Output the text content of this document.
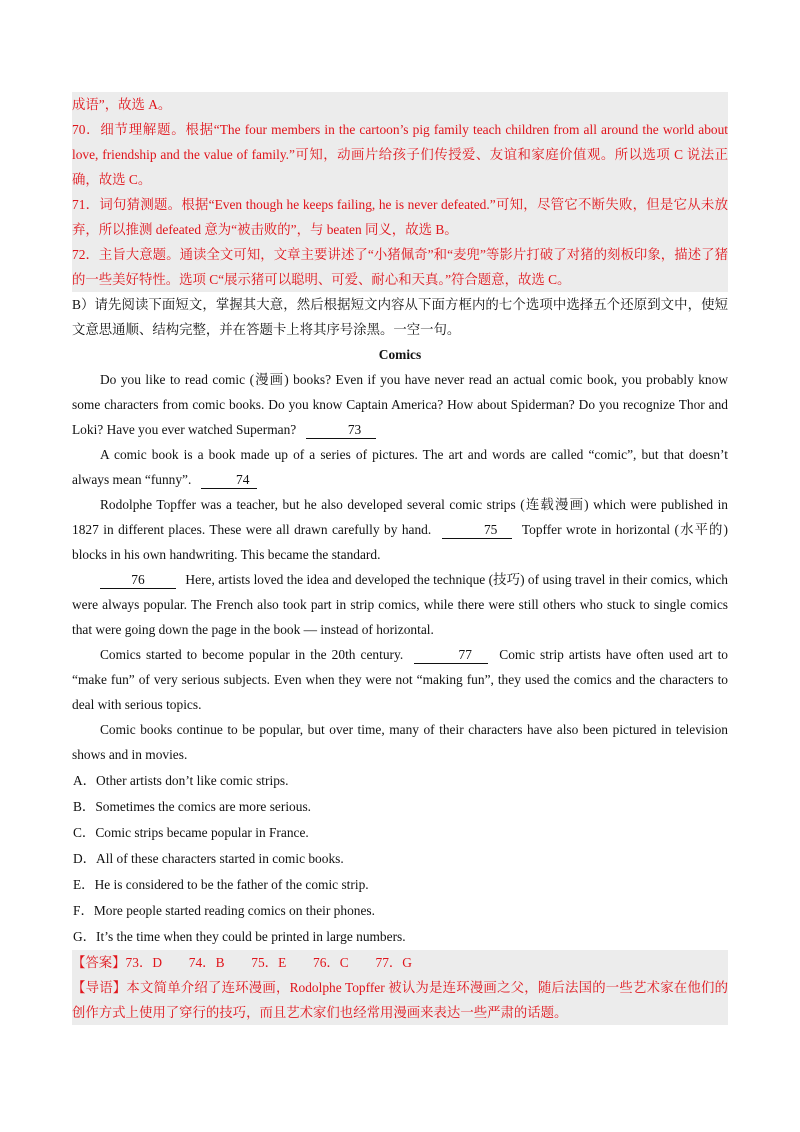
成语”，故选 A。

70．细节理解题。根据“The four members in the cartoon’s pig family teach children from all around the world about love, friendship and the value of family.”可知，动画片给孩子们传授爱、友谊和家庭价值观。所以选项 C 说法正确，故选 C。

71．词句猜测题。根据“Even though he keeps failing, he is never defeated.”可知，尽管它不断失败，但是它从未放弃，所以推测 defeated 意为“被击败的”，与 beaten 同义，故选 B。

72．主旨大意题。通读全文可知，文章主要讲述了“小猪佩奇”和“麦兜”等影片打破了对猪的刻板印象，描述了猪的一些美好特性。选项 C“展示猪可以聪明、可爱、耐心和天真。”符合题意，故选 C。

B）请先阅读下面短文，掌握其大意，然后根据短文内容从下面方框内的七个选项中选择五个还原到文中，使短文意思通顺、结构完整，并在答题卡上将其序号涂黑。一空一句。

Comics

Do you like to read comic (漫画) books? Even if you have never read an actual comic book, you probably know some characters from comic books. Do you know Captain America? How about Spiderman? Do you recognize Thor and Loki? Have you ever watched Superman?	73

A comic book is a book made up of a series of pictures. The art and words are called “comic”, but that doesn’t always mean “funny”.	74

Rodolphe Topffer was a teacher, but he also developed several comic strips (连载漫画) which were published in 1827 in different places. These were all drawn carefully by hand.	75 Topffer wrote in horizontal (水平的) blocks in his own handwriting. This became the standard.

76	Here, artists loved the idea and developed the technique (技巧) of using travel in their comics, which were always popular. The French also took part in strip comics, while there were still others who stuck to single comics that were going down the page in the book — instead of horizontal.

Comics started to become popular in the 20th century.	77 Comic strip artists have often used art to “make fun” of very serious subjects. Even when they were not “making fun”, they used the comics and the characters to deal with serious topics.

Comic books continue to be popular, but over time, many of their characters have also been pictured in television shows and in movies.

A．Other artists don’t like comic strips.

B．Sometimes the comics are more serious.

C．Comic strips became popular in France.

D．All of these characters started in comic books.

E．He is considered to be the father of the comic strip.

F．More people started reading comics on their phones.

G．It’s the time when they could be printed in large numbers.

【答案】73．D　　74．B　　75．E　　76．C　　77．G

【导语】本文简单介绍了连环漫画，Rodolphe Topffer 被认为是连环漫画之父，随后法国的一些艺术家在他们的创作方式上使用了穿行的技巧，而且艺术家们也经常用漫画来表达一些严肃的话题。
